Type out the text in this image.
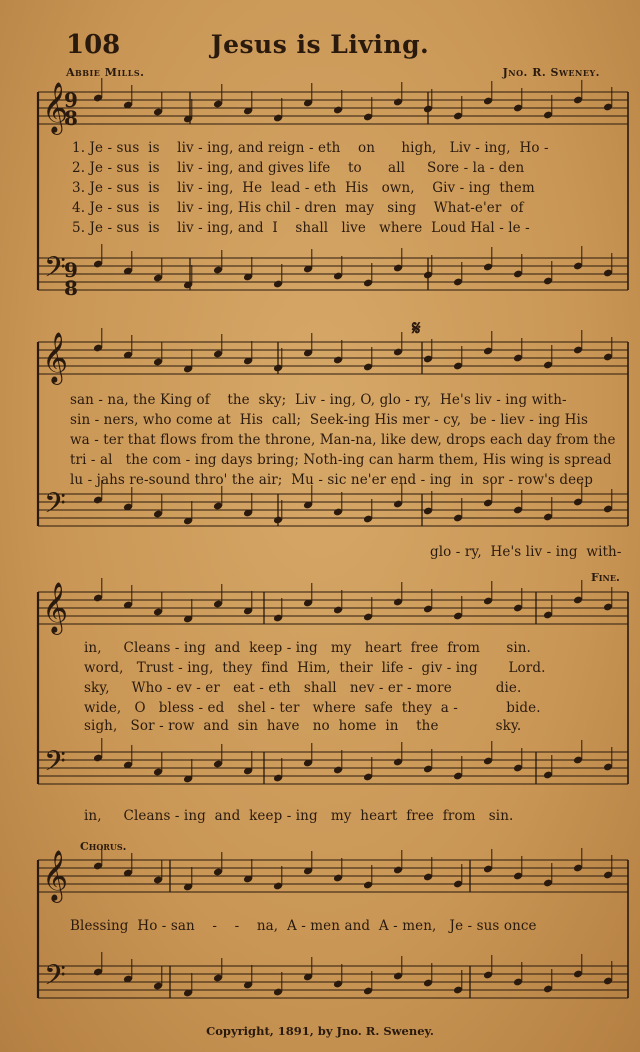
108	Jesus is Living.
Abbie Mills.	Jno. R. Sweney.
𝄞
𝄢
𝄞
𝄢
𝄞
𝄢
𝄞
𝄢
9
8
9
8
1. Je - sus  is    liv - ing, and reign - eth    on      high,   Liv - ing,  Ho -
2. Je - sus  is    liv - ing, and gives life    to      all     Sore - la - den
3. Je - sus  is    liv - ing,  He  lead - eth  His   own,    Giv - ing  them
4. Je - sus  is    liv - ing, His chil - dren  may   sing    What-e'er  of
5. Je - sus  is    liv - ing, and  I    shall   live   where  Loud Hal - le -
𝄋
san - na, the King of    the  sky;  Liv - ing, O, glo - ry,  He's liv - ing with-
sin - ners, who come at  His  call;  Seek-ing His mer - cy,  be - liev - ing His
wa - ter that flows from the throne, Man-na, like dew, drops each day from the
tri - al   the com - ing days bring; Noth-ing can harm them, His wing is spread
lu - jahs re-sound thro' the air;  Mu - sic ne'er end - ing  in  sor - row's deep
glo - ry,  He's liv - ing  with-
Fine.
in,     Cleans - ing  and  keep - ing   my   heart  free  from      sin.
word,   Trust - ing,  they  find  Him,  their  life -  giv - ing       Lord.
sky,     Who - ev - er   eat - eth   shall   nev - er - more          die.
wide,   O   bless - ed   shel - ter   where  safe  they  a -           bide.
sigh,   Sor - row  and  sin  have   no  home  in    the             sky.
in,     Cleans - ing  and  keep - ing   my  heart  free  from   sin.
Chorus.
Blessing  Ho - san    -    -    na,  A - men and  A - men,   Je - sus once
Copyright, 1891, by Jno. R. Sweney.
